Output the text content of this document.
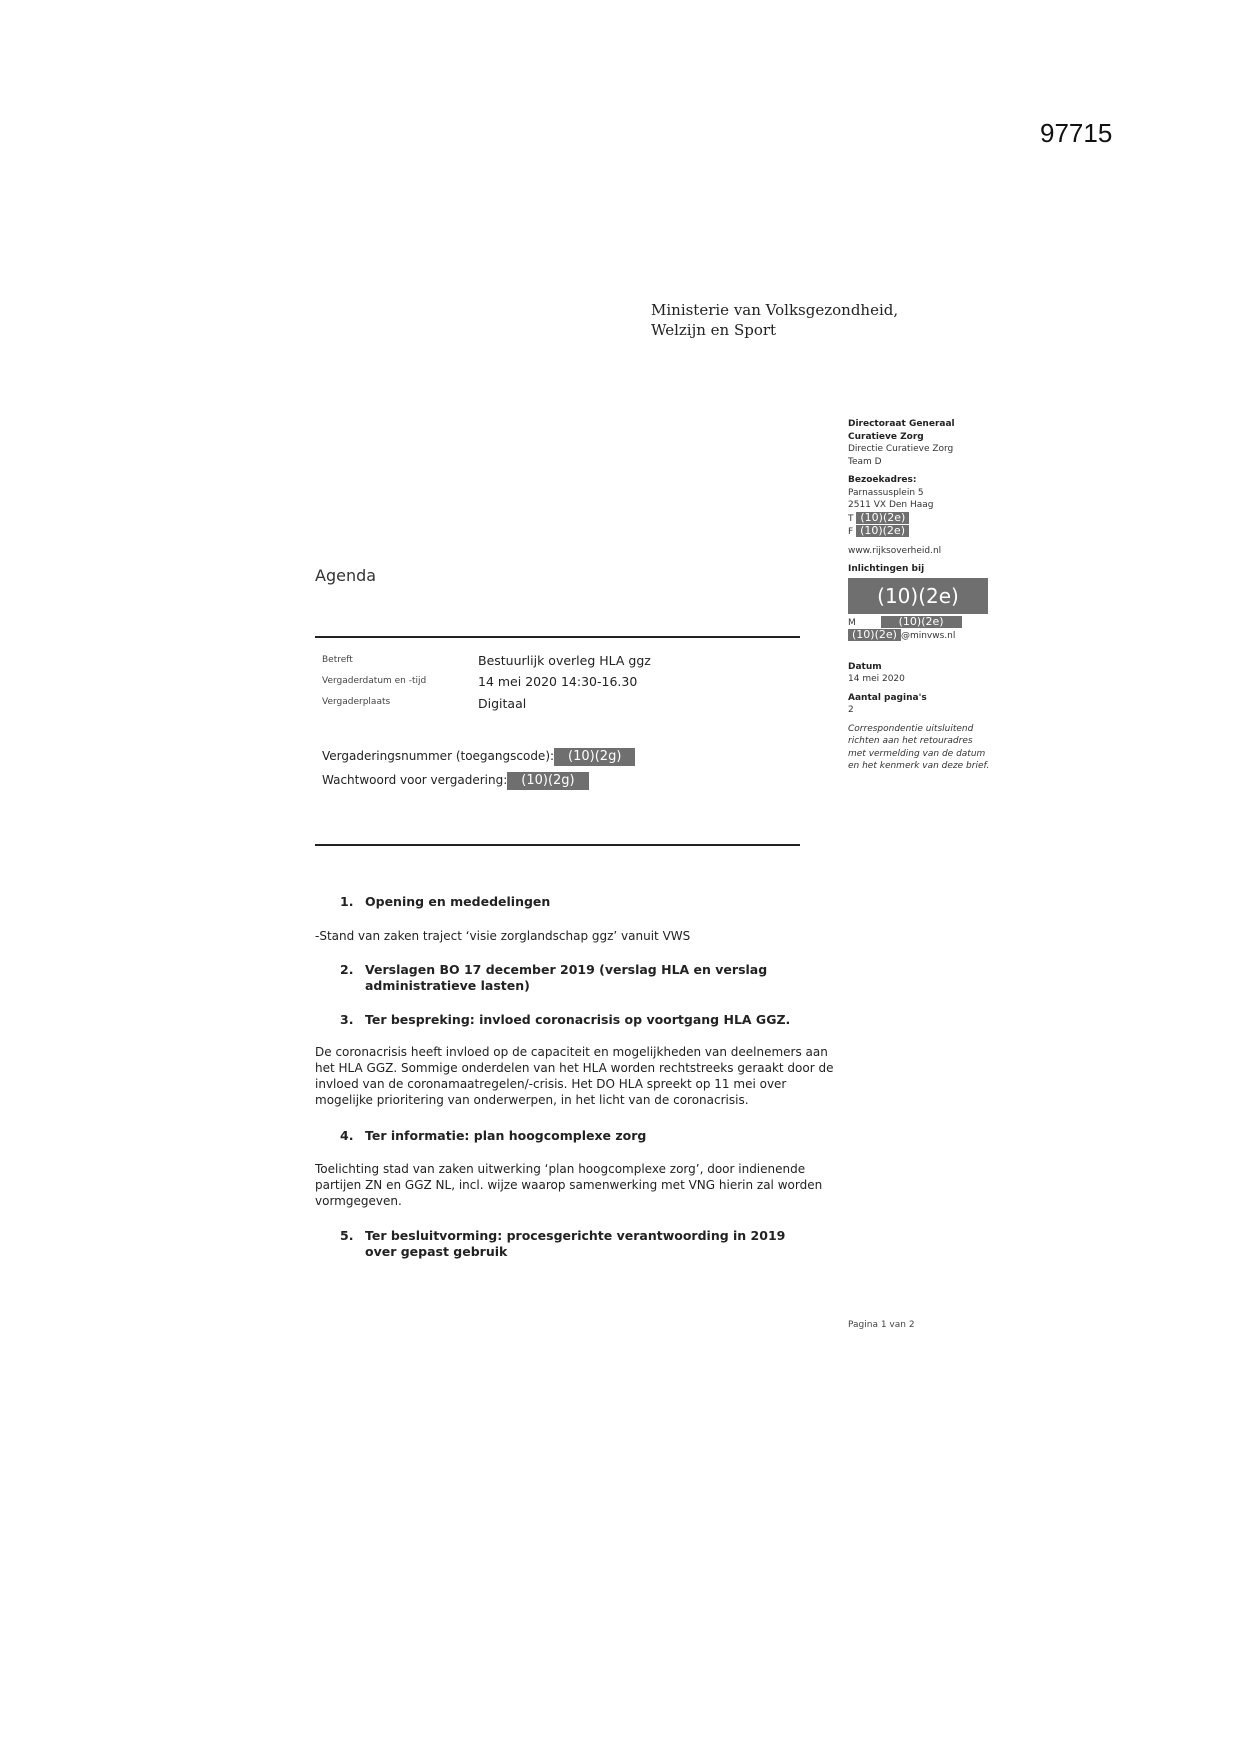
97715
Ministerie van Volksgezondheid,
Welzijn en Sport
Directoraat Generaal
Curatieve Zorg
Directie Curatieve Zorg
Team D
Bezoekadres:
Parnassusplein 5
2511 VX Den Haag
T (10)(2e)
F (10)(2e)
www.rijksoverheid.nl
Inlichtingen bij
(10)(2e)
M	(10)(2e)
(10)(2e) @minvws.nl
Datum
14 mei 2020
Aantal pagina's
2
Correspondentie uitsluitend richten aan het retouradres met vermelding van de datum en het kenmerk van deze brief.
Agenda
Betreft	Bestuurlijk overleg HLA ggz
Vergaderdatum en -tijd	14 mei 2020 14:30-16.30
Vergaderplaats	Digitaal
Vergaderingsnummer (toegangscode): (10)(2g)
Wachtwoord voor vergadering: (10)(2g)
1. Opening en mededelingen
-Stand van zaken traject ‘visie zorglandschap ggz’ vanuit VWS
2. Verslagen BO 17 december 2019 (verslag HLA en verslag administratieve lasten)
3. Ter bespreking: invloed coronacrisis op voortgang HLA GGZ.
De coronacrisis heeft invloed op de capaciteit en mogelijkheden van deelnemers aan het HLA GGZ. Sommige onderdelen van het HLA worden rechtstreeks geraakt door de invloed van de coronamaatregelen/-crisis. Het DO HLA spreekt op 11 mei over mogelijke prioritering van onderwerpen, in het licht van de coronacrisis.
4. Ter informatie: plan hoogcomplexe zorg
Toelichting stad van zaken uitwerking ‘plan hoogcomplexe zorg’, door indienende partijen ZN en GGZ NL, incl. wijze waarop samenwerking met VNG hierin zal worden vormgegeven.
5. Ter besluitvorming: procesgerichte verantwoording in 2019 over gepast gebruik
Pagina 1 van 2
